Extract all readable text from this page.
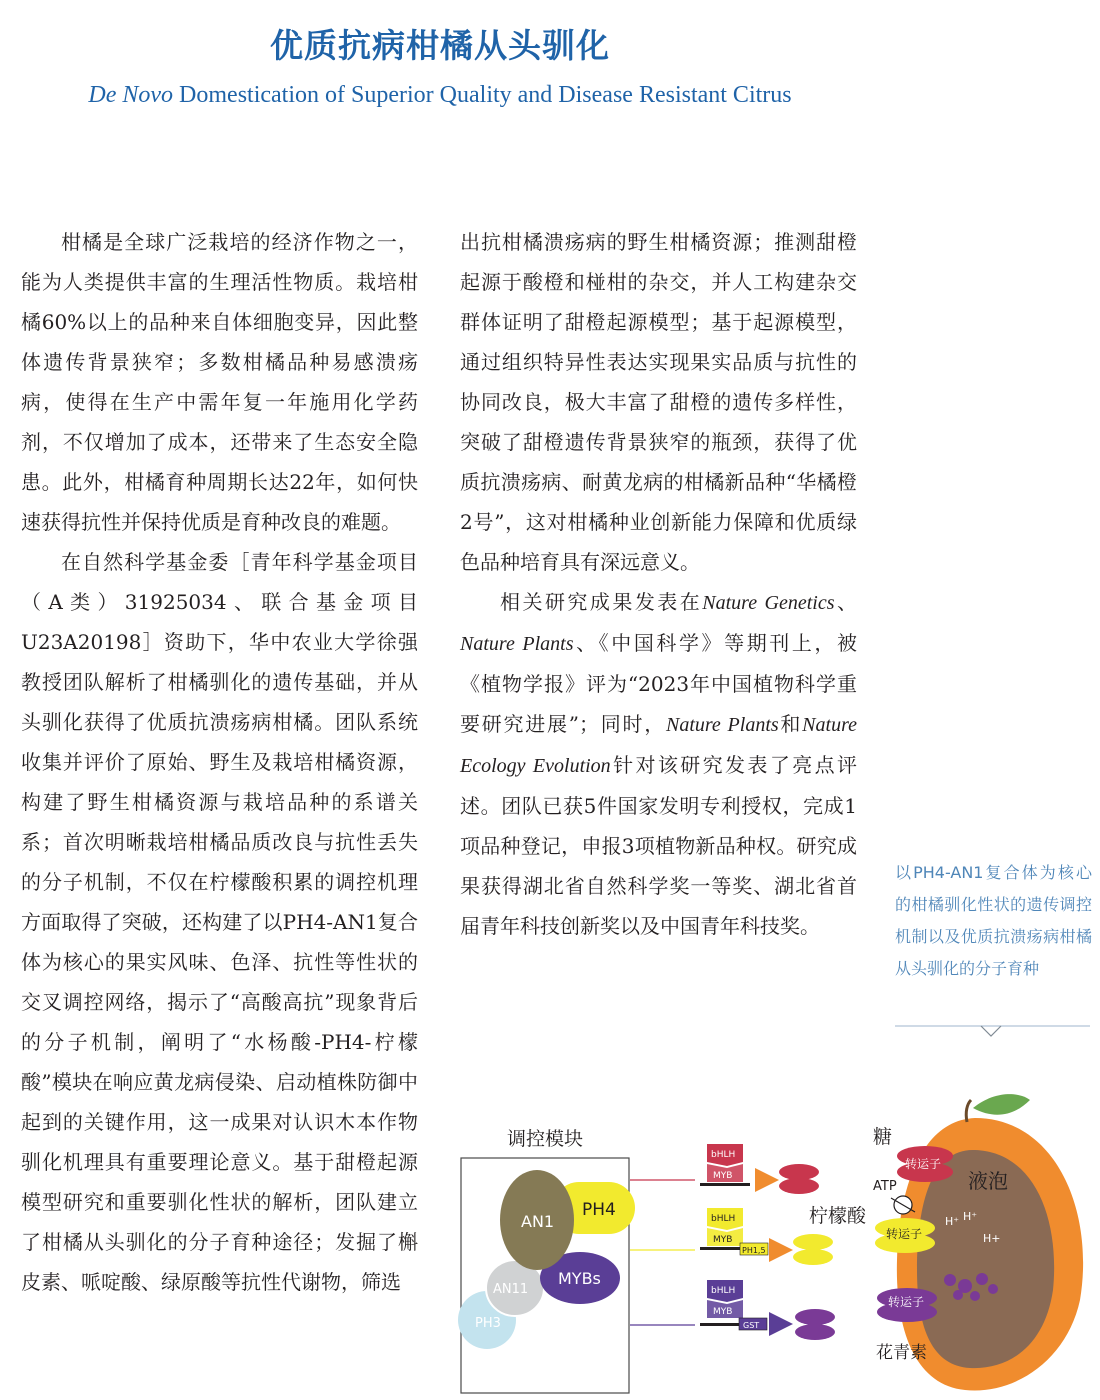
优质抗病柑橘从头驯化

De Novo Domestication of Superior Quality and Disease Resistant Citrus

柑橘是全球广泛栽培的经济作物之一，能为人类提供丰富的生理活性物质。栽培柑橘60%以上的品种来自体细胞变异，因此整体遗传背景狭窄；多数柑橘品种易感溃疡病，使得在生产中需年复一年施用化学药剂，不仅增加了成本，还带来了生态安全隐患。此外，柑橘育种周期长达22年，如何快速获得抗性并保持优质是育种改良的难题。

在自然科学基金委［青年科学基金项目（A类）31925034、联合基金项目U23A20198］资助下，华中农业大学徐强教授团队解析了柑橘驯化的遗传基础，并从头驯化获得了优质抗溃疡病柑橘。团队系统收集并评价了原始、野生及栽培柑橘资源，构建了野生柑橘资源与栽培品种的系谱关系；首次明晰栽培柑橘品质改良与抗性丢失的分子机制，不仅在柠檬酸积累的调控机理方面取得了突破，还构建了以PH4-AN1复合体为核心的果实风味、色泽、抗性等性状的交叉调控网络，揭示了“高酸高抗”现象背后的分子机制，阐明了“水杨酸-PH4-柠檬酸”模块在响应黄龙病侵染、启动植株防御中起到的关键作用，这一成果对认识木本作物驯化机理具有重要理论意义。基于甜橙起源模型研究和重要驯化性状的解析，团队建立了柑橘从头驯化的分子育种途径；发掘了槲皮素、哌啶酸、绿原酸等抗性代谢物，筛选

出抗柑橘溃疡病的野生柑橘资源；推测甜橙起源于酸橙和椪柑的杂交，并人工构建杂交群体证明了甜橙起源模型；基于起源模型，通过组织特异性表达实现果实品质与抗性的协同改良，极大丰富了甜橙的遗传多样性，突破了甜橙遗传背景狭窄的瓶颈，获得了优质抗溃疡病、耐黄龙病的柑橘新品种“华橘橙2号”，这对柑橘种业创新能力保障和优质绿色品种培育具有深远意义。

相关研究成果发表在Nature Genetics、Nature Plants、《中国科学》等期刊上，被《植物学报》评为“2023年中国植物科学重要研究进展”；同时，Nature Plants和Nature Ecology Evolution针对该研究发表了亮点评述。团队已获5件国家发明专利授权，完成1项品种登记，申报3项植物新品种权。研究成果获得湖北省自然科学奖一等奖、湖北省首届青年科技创新奖以及中国青年科技奖。

以PH4-AN1复合体为核心的柑橘驯化性状的遗传调控机制以及优质抗溃疡病柑橘从头驯化的分子育种

调控模块
PH3
AN11
PH4
MYBs
AN1
bHLH
MYB
bHLH
MYB
PH1,5
bHLH
MYB
GST
液泡
H⁺ H⁺
H+
转运子
转运子
转运子
ATP
糖
柠檬酸
花青素
